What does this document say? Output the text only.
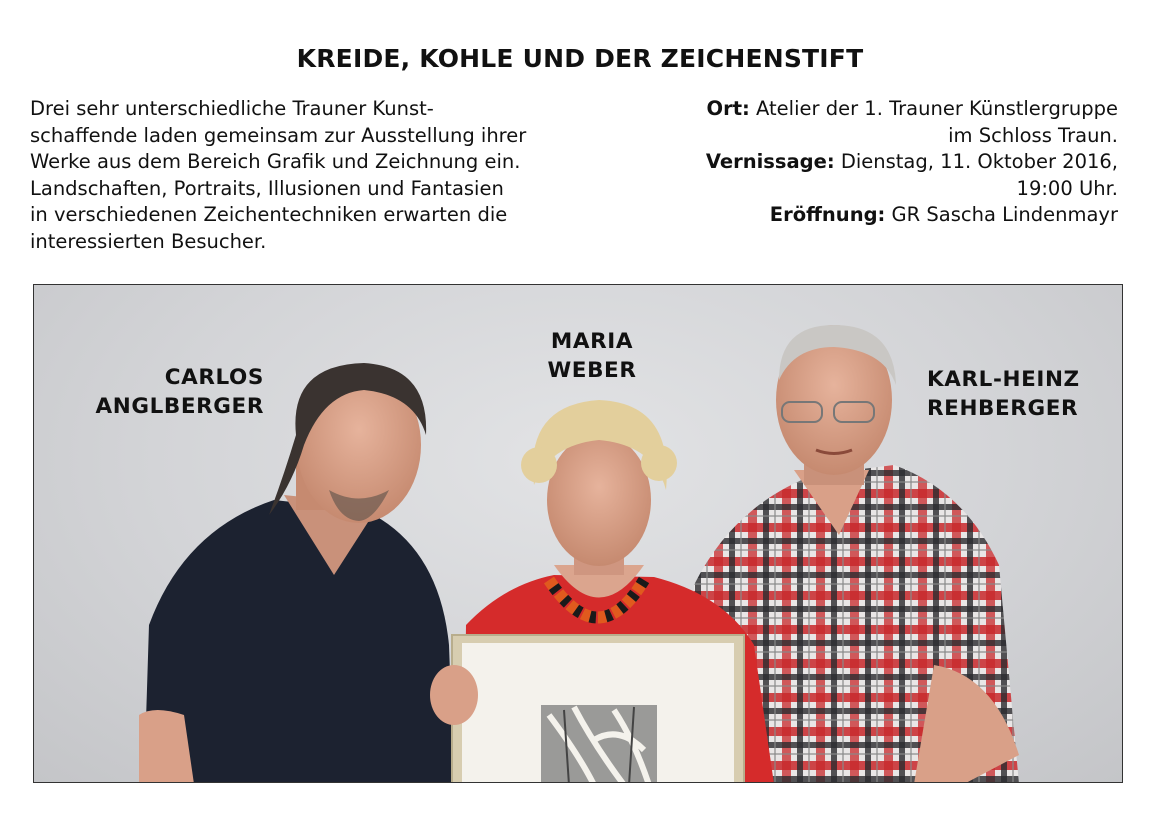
KREIDE, KOHLE UND DER ZEICHENSTIFT
Drei sehr unterschiedliche Trauner Kunst-
schaffende laden gemeinsam zur Ausstellung ihrer
Werke aus dem Bereich Grafik und Zeichnung ein.
Landschaften, Portraits, Illusionen und Fantasien
in verschiedenen Zeichentechniken erwarten die
interessierten Besucher.
Ort: Atelier der 1. Trauner Künstlergruppe
im Schloss Traun.
Vernissage: Dienstag, 11. Oktober 2016,
19:00 Uhr.
Eröffnung: GR Sascha Lindenmayr
CARLOS
ANGLBERGER
MARIA
WEBER	KARL-HEINZ
REHBERGER
